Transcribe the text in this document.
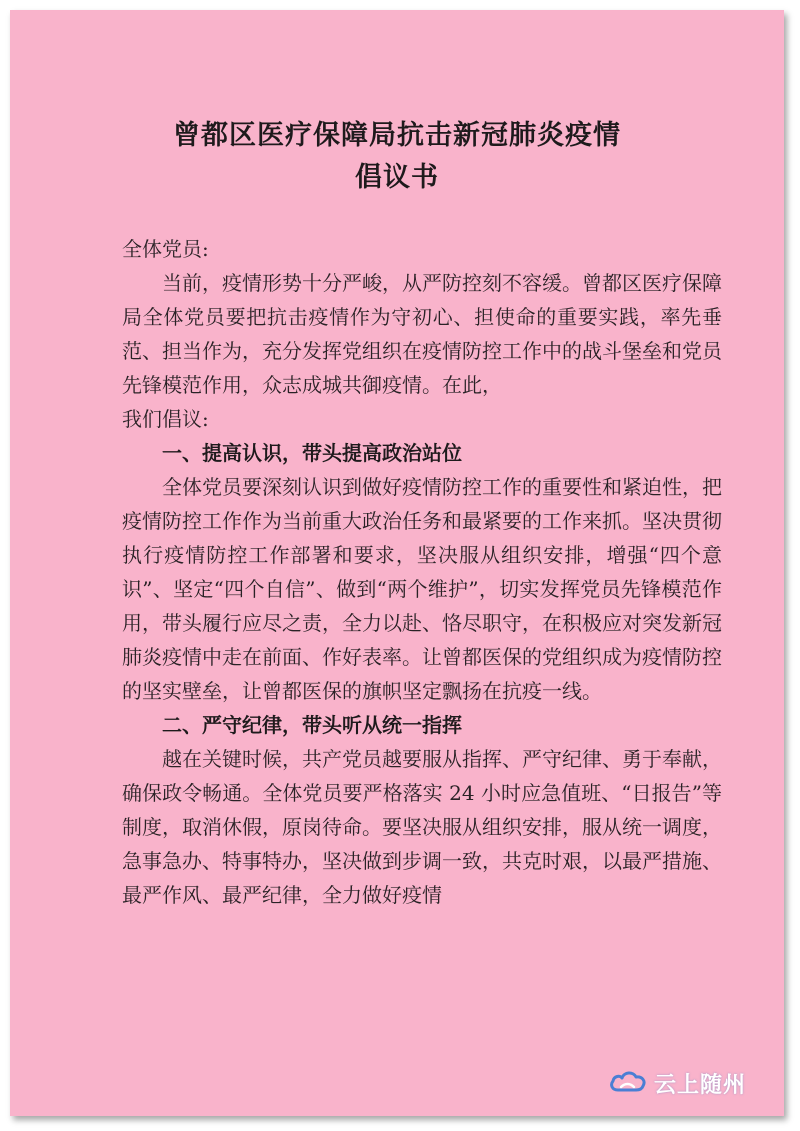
曾都区医疗保障局抗击新冠肺炎疫情
倡议书

全体党员:

当前，疫情形势十分严峻，从严防控刻不容缓。曾都区医疗保障局全体党员要把抗击疫情作为守初心、担使命的重要实践，率先垂范、担当作为，充分发挥党组织在疫情防控工作中的战斗堡垒和党员先锋模范作用，众志成城共御疫情。在此，

我们倡议:

一、提高认识，带头提高政治站位

全体党员要深刻认识到做好疫情防控工作的重要性和紧迫性，把疫情防控工作作为当前重大政治任务和最紧要的工作来抓。坚决贯彻执行疫情防控工作部署和要求，坚决服从组织安排，增强“四个意识”、坚定“四个自信”、做到“两个维护”，切实发挥党员先锋模范作用，带头履行应尽之责，全力以赴、恪尽职守，在积极应对突发新冠肺炎疫情中走在前面、作好表率。让曾都医保的党组织成为疫情防控的坚实壁垒，让曾都医保的旗帜坚定飘扬在抗疫一线。

二、严守纪律，带头听从统一指挥

越在关键时候，共产党员越要服从指挥、严守纪律、勇于奉献，确保政令畅通。全体党员要严格落实 24 小时应急值班、“日报告”等制度，取消休假，原岗待命。要坚决服从组织安排，服从统一调度，急事急办、特事特办，坚决做到步调一致，共克时艰，以最严措施、最严作风、最严纪律，全力做好疫情

云上随州
